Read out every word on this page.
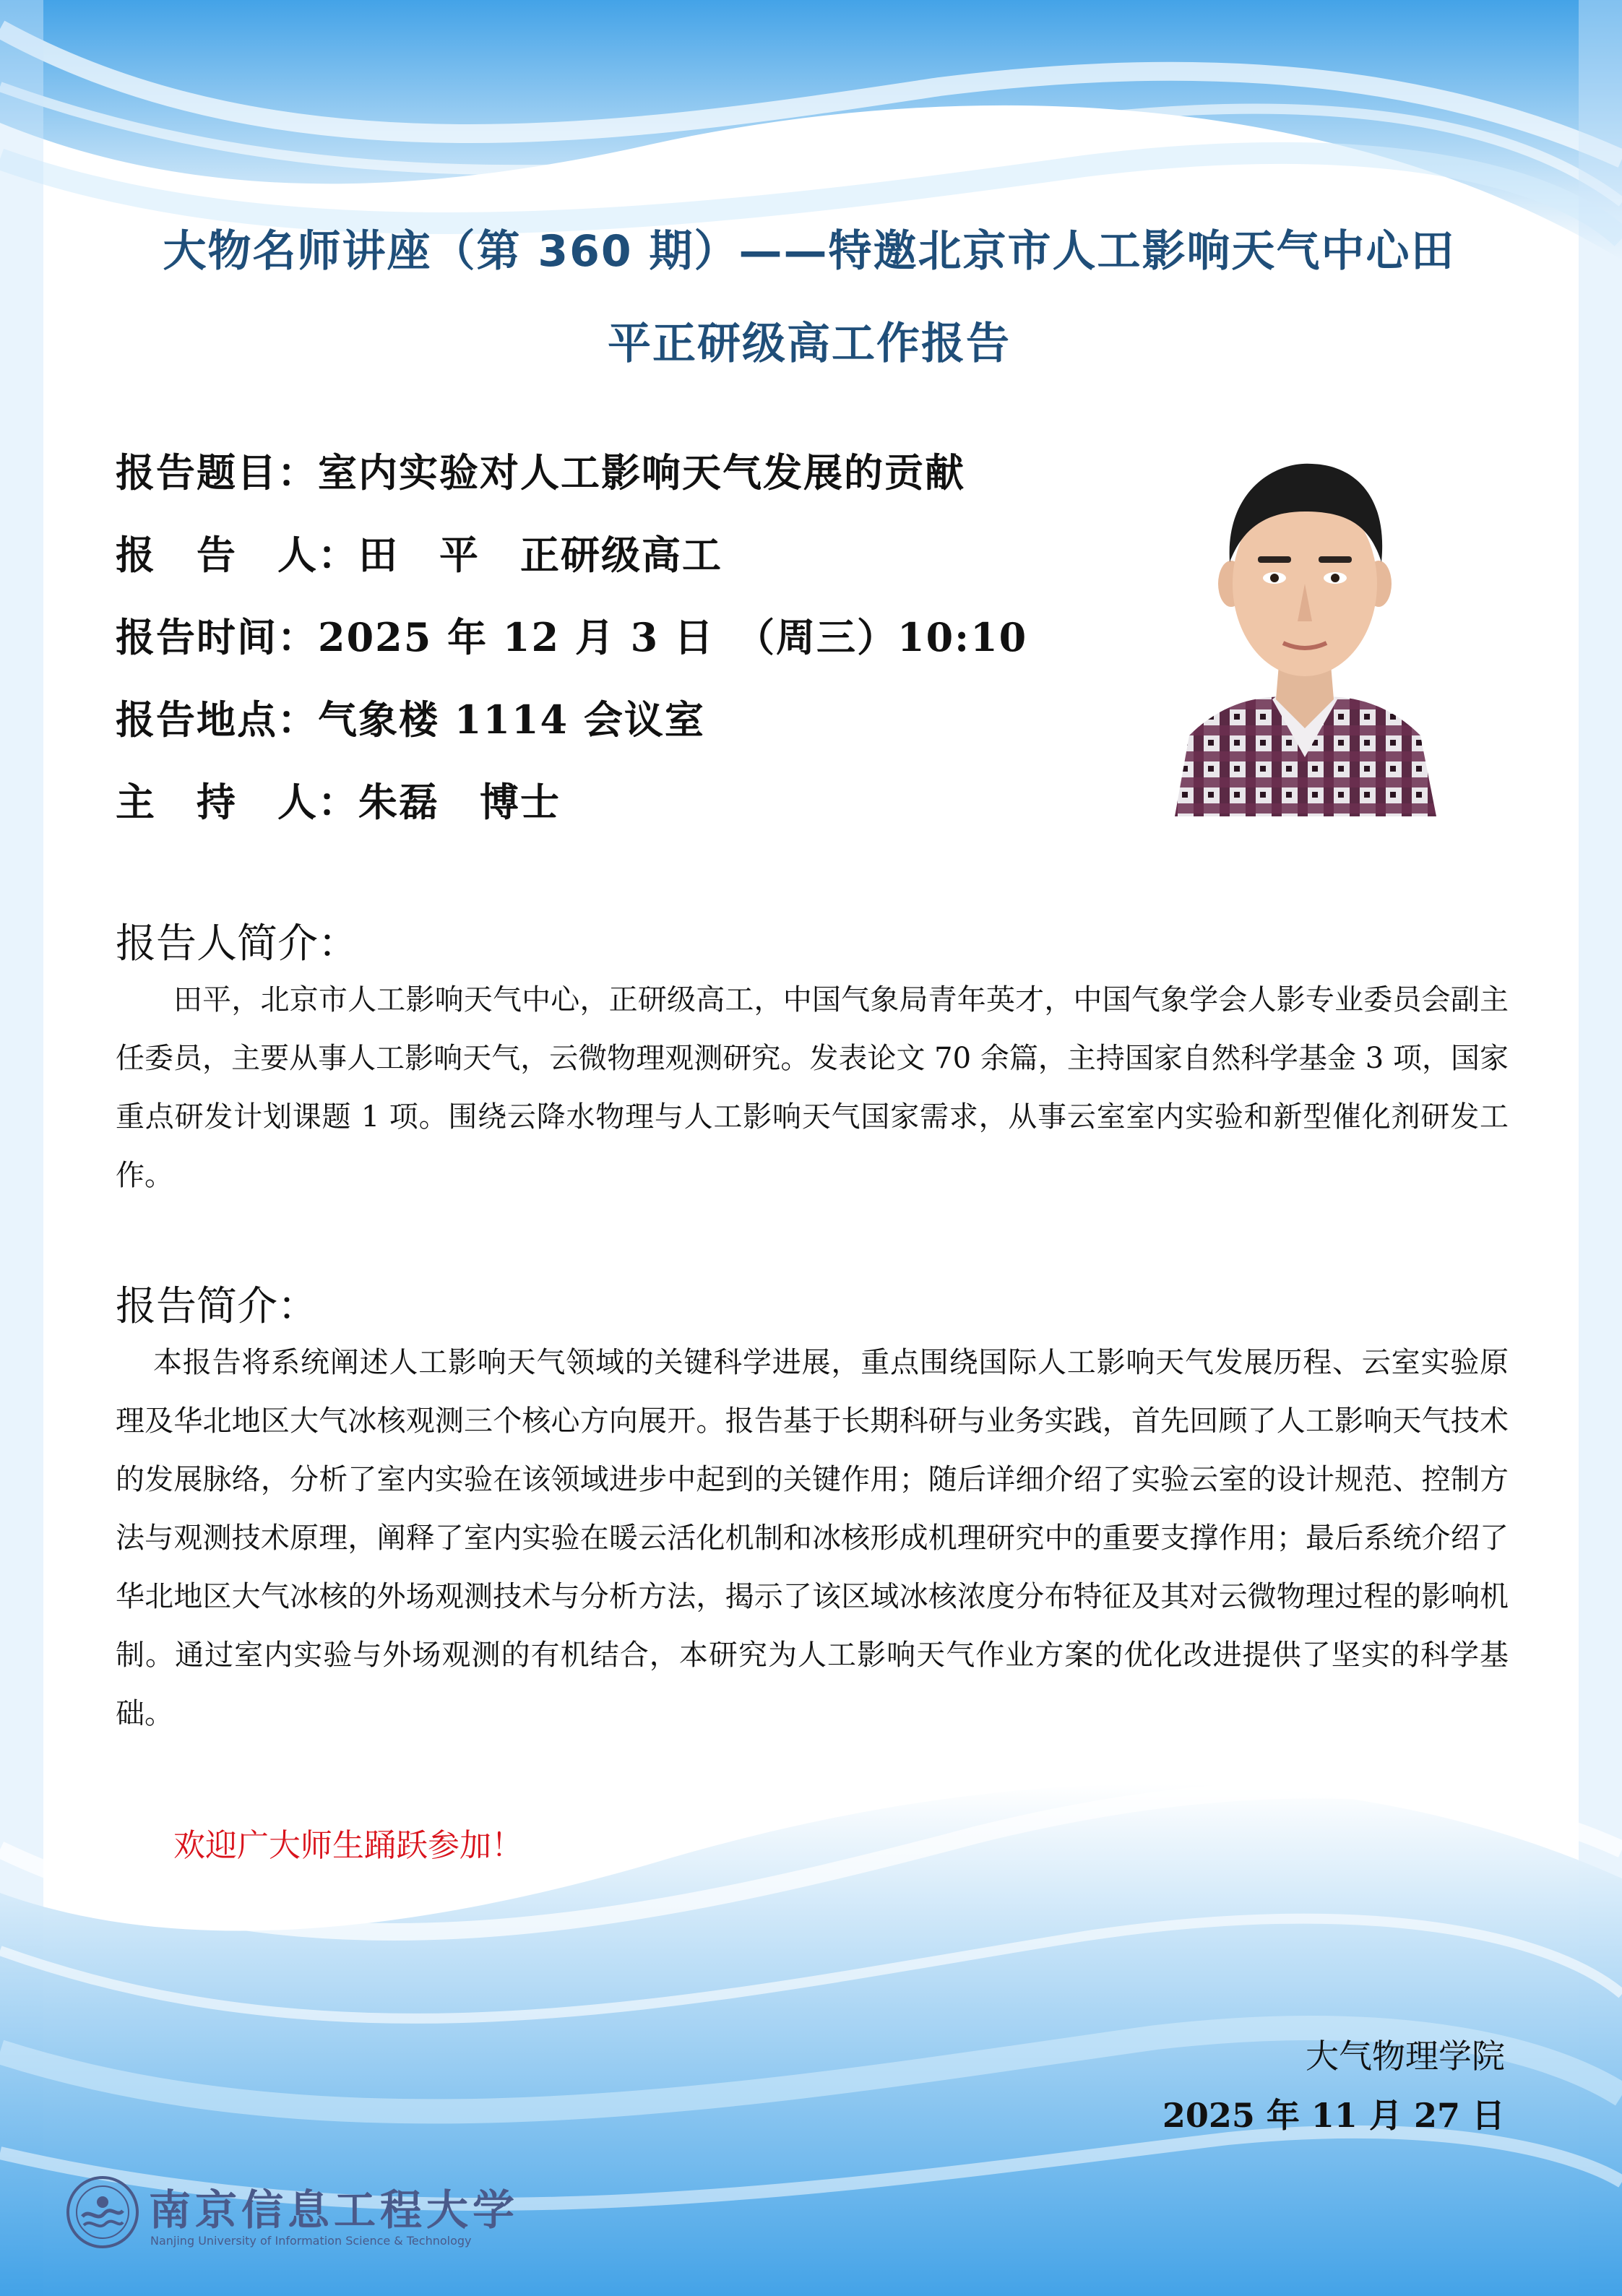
大物名师讲座（第 360 期）——特邀北京市人工影响天气中心田
平正研级高工作报告
报告题目：室内实验对人工影响天气发展的贡献
报　告　人：田　平　正研级高工
报告时间：2025 年 12 月 3 日　（周三）10:10
报告地点：气象楼 1114 会议室
主　持　人：朱磊　博士
报告人简介：
田平，北京市人工影响天气中心，正研级高工，中国气象局青年英才，中国气象学会人影专业委员会副主任委员，主要从事人工影响天气，云微物理观测研究。发表论文 70 余篇，主持国家自然科学基金 3 项，国家重点研发计划课题 1 项。围绕云降水物理与人工影响天气国家需求，从事云室室内实验和新型催化剂研发工作。
报告简介：
本报告将系统阐述人工影响天气领域的关键科学进展，重点围绕国际人工影响天气发展历程、云室实验原理及华北地区大气冰核观测三个核心方向展开。报告基于长期科研与业务实践，首先回顾了人工影响天气技术的发展脉络，分析了室内实验在该领域进步中起到的关键作用；随后详细介绍了实验云室的设计规范、控制方法与观测技术原理，阐释了室内实验在暖云活化机制和冰核形成机理研究中的重要支撑作用；最后系统介绍了华北地区大气冰核的外场观测技术与分析方法，揭示了该区域冰核浓度分布特征及其对云微物理过程的影响机制。通过室内实验与外场观测的有机结合，本研究为人工影响天气作业方案的优化改进提供了坚实的科学基础。
欢迎广大师生踊跃参加！
大气物理学院
2025 年 11 月 27 日
南京信息工程大学
Nanjing University of Information Science & Technology
